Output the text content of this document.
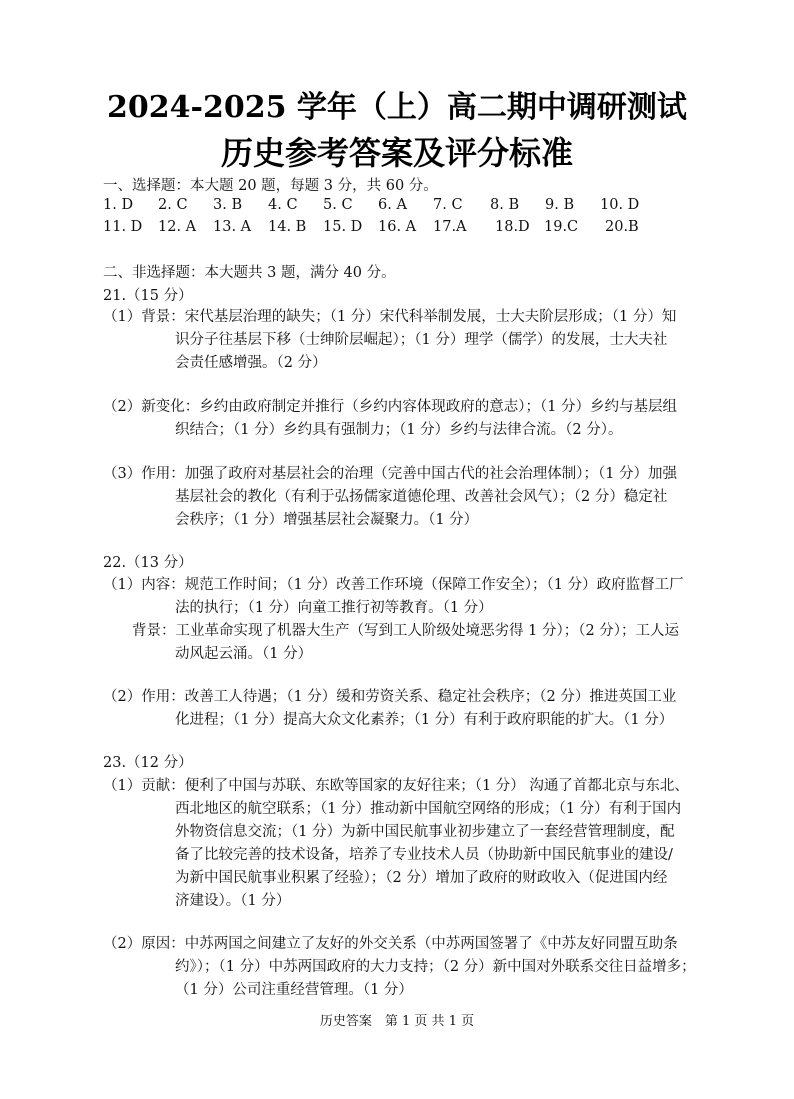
2024-2025 学年（上）高二期中调研测试
历史参考答案及评分标准
一、选择题：本大题 20 题，每题 3 分，共 60 分。
1. D 2. C 3. B 4. C 5. C 6. A 7. C 8. B 9. B 10. D
11. D 12. A 13. A 14. B 15. D 16. A 17.A 18.D 19.C 20.B
二、非选择题：本大题共 3 题，满分 40 分。
21.（15 分）
（1）背景：宋代基层治理的缺失；（1 分）宋代科举制发展，士大夫阶层形成；（1 分）知
识分子往基层下移（士绅阶层崛起）；（1 分）理学（儒学）的发展，士大夫社
会责任感增强。（2 分）
（2）新变化：乡约由政府制定并推行（乡约内容体现政府的意志）；（1 分）乡约与基层组
织结合；（1 分）乡约具有强制力；（1 分）乡约与法律合流。（2 分）。
（3）作用：加强了政府对基层社会的治理（完善中国古代的社会治理体制）；（1 分）加强
基层社会的教化（有利于弘扬儒家道德伦理、改善社会风气）；（2 分）稳定社
会秩序；（1 分）增强基层社会凝聚力。（1 分）
22.（13 分）
（1）内容：规范工作时间；（1 分）改善工作环境（保障工作安全）；（1 分）政府监督工厂
法的执行；（1 分）向童工推行初等教育。（1 分）
背景：工业革命实现了机器大生产（写到工人阶级处境恶劣得 1 分）；（2 分）；工人运
动风起云涌。（1 分）
（2）作用：改善工人待遇；（1 分）缓和劳资关系、稳定社会秩序；（2 分）推进英国工业
化进程；（1 分）提高大众文化素养；（1 分）有利于政府职能的扩大。（1 分）
23.（12 分）
（1）贡献：便利了中国与苏联、东欧等国家的友好往来；（1 分） 沟通了首都北京与东北、
西北地区的航空联系；（1 分）推动新中国航空网络的形成；（1 分）有利于国内
外物资信息交流；（1 分）为新中国民航事业初步建立了一套经营管理制度，配
备了比较完善的技术设备，培养了专业技术人员（协助新中国民航事业的建设/
为新中国民航事业积累了经验）；（2 分）增加了政府的财政收入（促进国内经
济建设）。（1 分）
（2）原因：中苏两国之间建立了友好的外交关系（中苏两国签署了《中苏友好同盟互助条
约》）；（1 分）中苏两国政府的大力支持；（2 分）新中国对外联系交往日益增多；
（1 分）公司注重经营管理。（1 分）
历史答案　第 1 页 共 1 页
